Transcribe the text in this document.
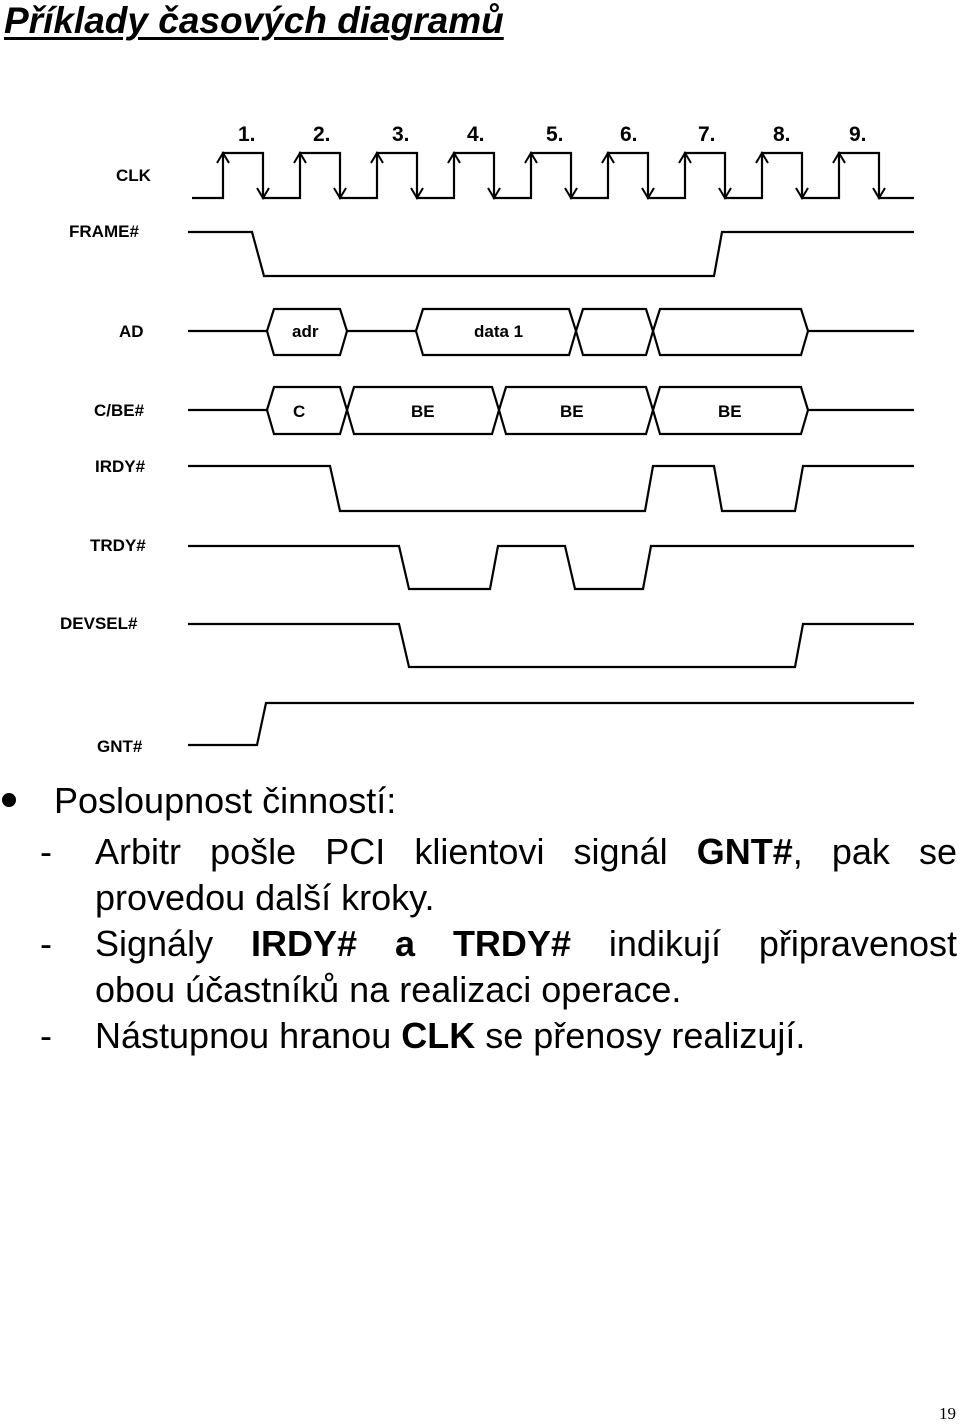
Příklady časových diagramů
1.	2.	3.	4.	5.	6.	7.	8.	9.
CLK
FRAME#
AD
C/BE#
IRDY#
TRDY#
DEVSEL#
GNT#
adr	data 1
C	BE	BE	BE
Posloupnost činností:
- Arbitr pošle PCI klientovi signál GNT#, pak se
provedou další kroky.
- Signály IRDY# a TRDY# indikují připravenost
obou účastníků na realizaci operace.
- Nástupnou hranou CLK se přenosy realizují.
19
